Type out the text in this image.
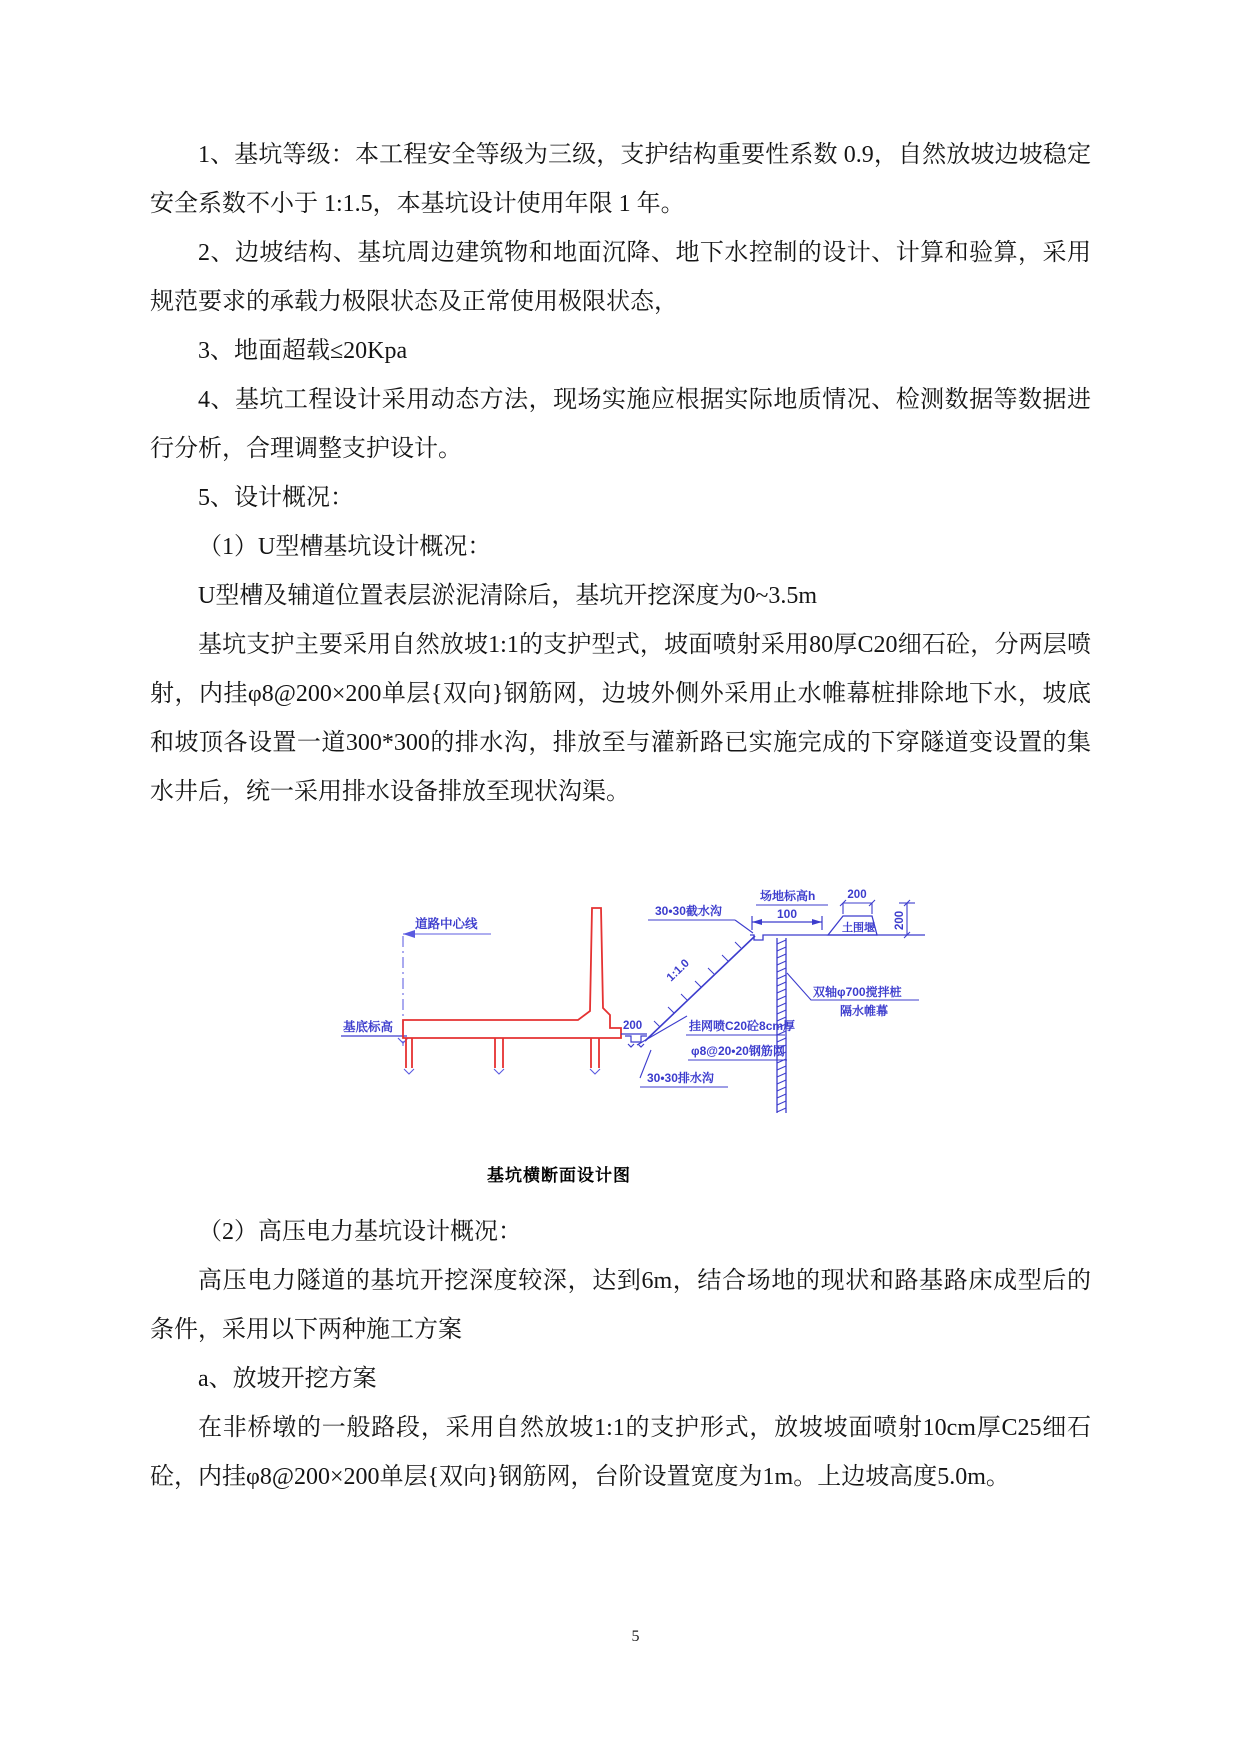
1、基坑等级：本工程安全等级为三级，支护结构重要性系数 0.9，自然放坡边坡稳定安全系数不小于 1:1.5，本基坑设计使用年限 1 年。

2、边坡结构、基坑周边建筑物和地面沉降、地下水控制的设计、计算和验算，采用规范要求的承载力极限状态及正常使用极限状态，

3、地面超载≤20Kpa

4、基坑工程设计采用动态方法，现场实施应根据实际地质情况、检测数据等数据进行分析，合理调整支护设计。

5、设计概况：

（1）U型槽基坑设计概况：

U型槽及辅道位置表层淤泥清除后，基坑开挖深度为0~3.5m

基坑支护主要采用自然放坡1:1的支护型式，坡面喷射采用80厚C20细石砼，分两层喷射，内挂φ8@200×200单层{双向}钢筋网，边坡外侧外采用止水帷幕桩排除地下水，坡底和坡顶各设置一道300*300的排水沟，排放至与灌新路已实施完成的下穿隧道变设置的集水井后，统一采用排水设备排放至现状沟渠。

道路中心线
基底标高	200
1:1.0
30•30截水沟
场地标高h
100
土围堰
200
200
双轴φ700搅拌桩
隔水帷幕
挂网喷C20砼8cm厚
φ8@20•20钢筋网
30•30排水沟
基坑横断面设计图

（2）高压电力基坑设计概况：

高压电力隧道的基坑开挖深度较深，达到6m，结合场地的现状和路基路床成型后的条件，采用以下两种施工方案

a、放坡开挖方案

在非桥墩的一般路段，采用自然放坡1:1的支护形式，放坡坡面喷射10cm厚C25细石砼，内挂φ8@200×200单层{双向}钢筋网，台阶设置宽度为1m。上边坡高度5.0m。

5
